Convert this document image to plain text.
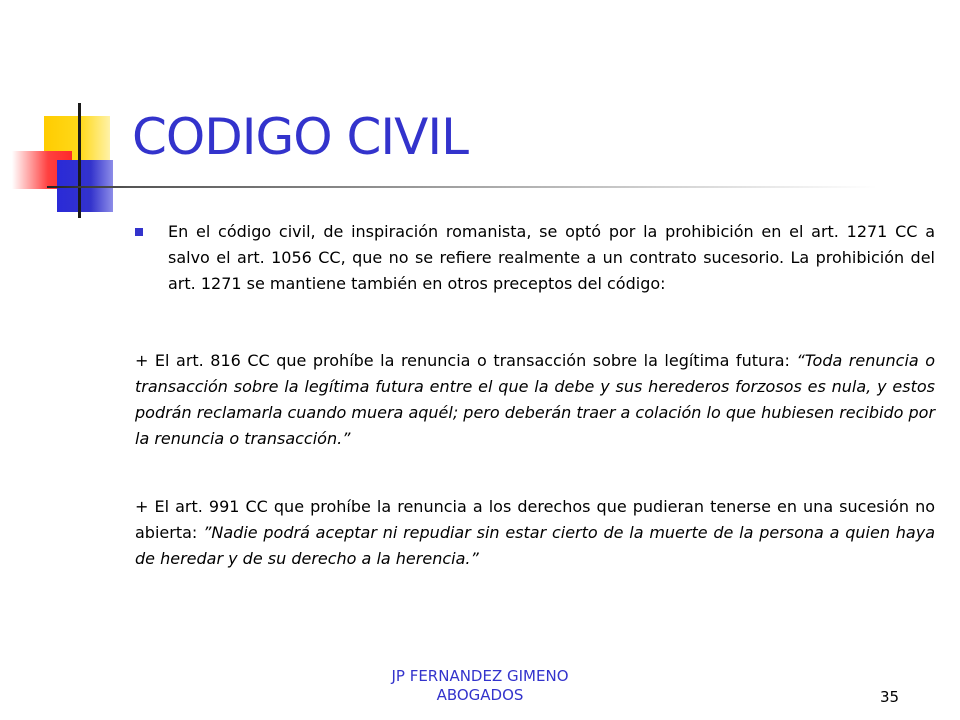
CODIGO CIVIL

En el código civil, de inspiración romanista, se optó por la prohibición en el art. 1271 CC a salvo el art. 1056 CC, que no se refiere realmente a un contrato sucesorio. La prohibición del art. 1271 se mantiene también en otros preceptos del código:

+ El art. 816 CC que prohíbe la renuncia o transacción sobre la legítima futura: “Toda renuncia o transacción sobre la legítima futura entre el que la debe y sus herederos forzosos es nula, y estos podrán reclamarla cuando muera aquél; pero deberán traer a colación lo que hubiesen recibido por la renuncia o transacción.”

+ El art. 991 CC que prohíbe la renuncia a los derechos que pudieran tenerse en una sucesión no abierta: ”Nadie podrá aceptar ni repudiar sin estar cierto de la muerte de la persona a quien haya de heredar y de su derecho a la herencia.”

JP FERNANDEZ GIMENO
ABOGADOS	35
